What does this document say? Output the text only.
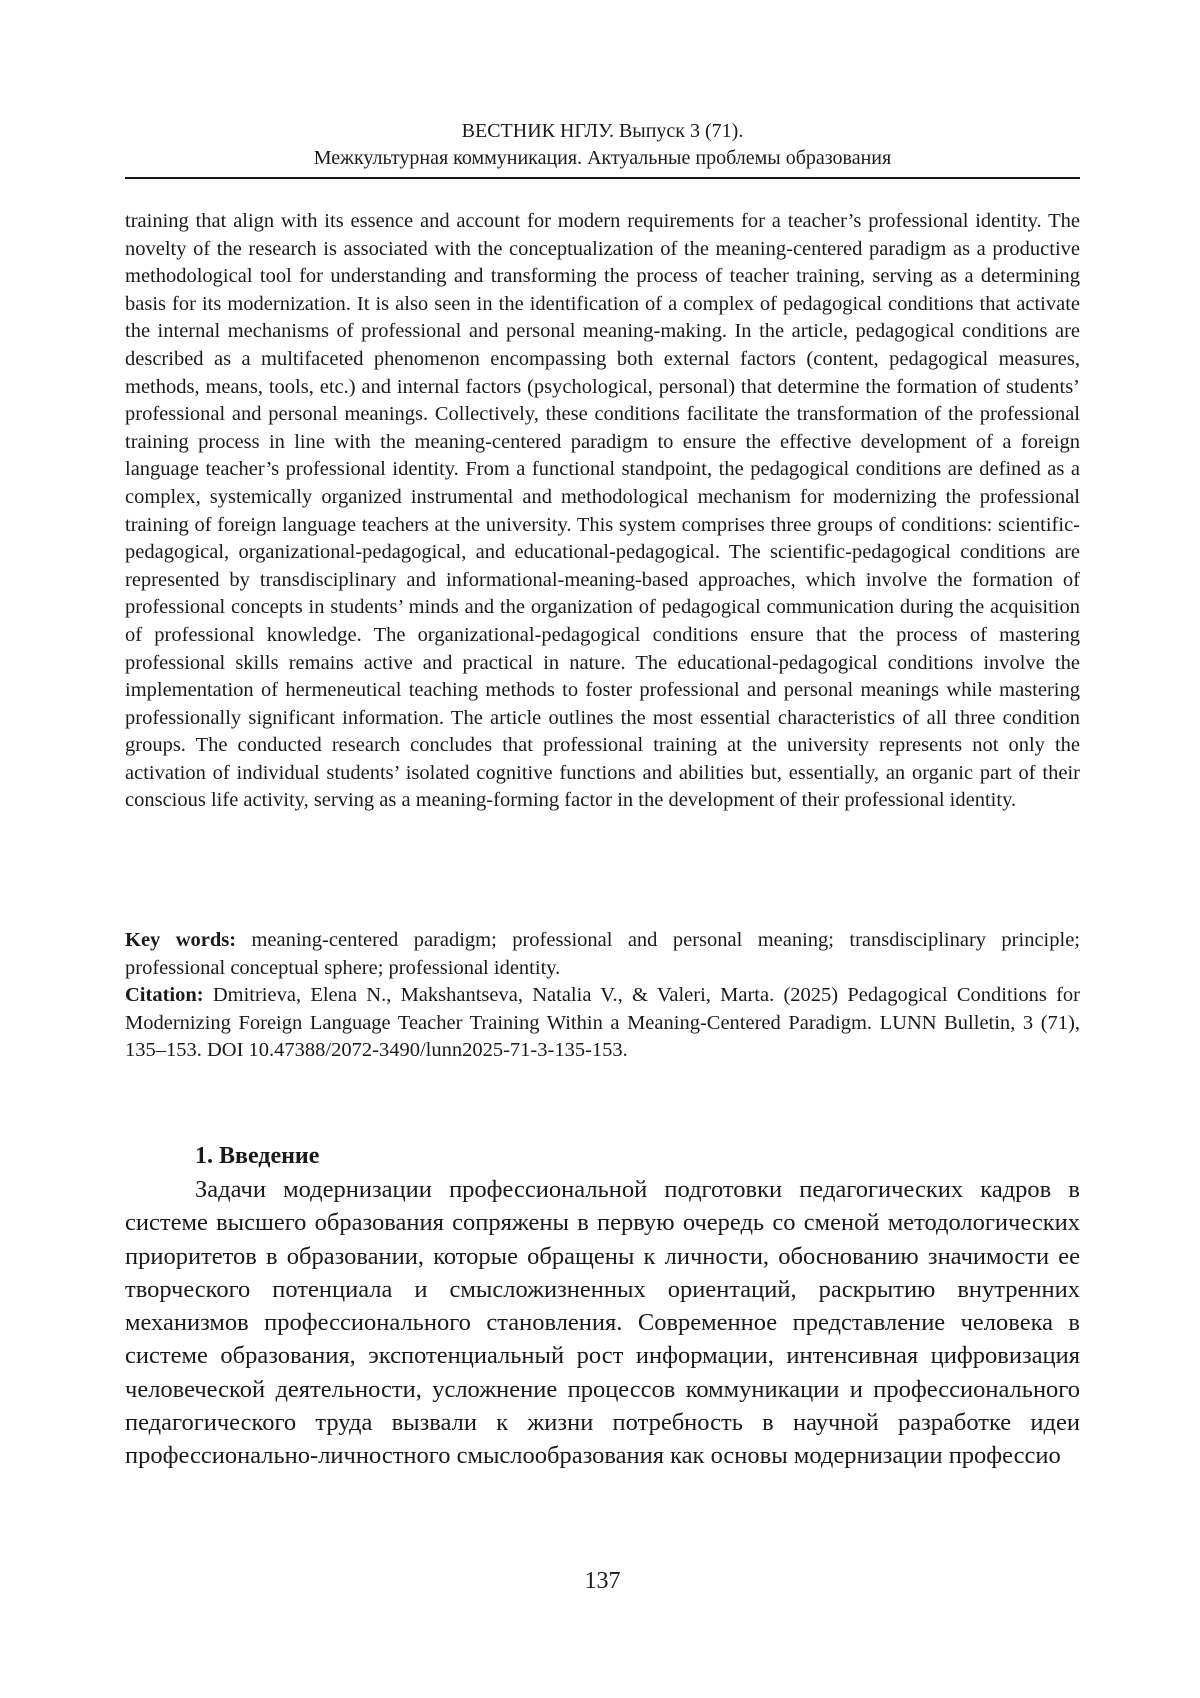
ВЕСТНИК НГЛУ. Выпуск 3 (71).
Межкультурная коммуникация. Актуальные проблемы образования

training that align with its essence and account for modern requirements for a teacher’s professional identity. The novelty of the research is associated with the conceptualization of the meaning-centered paradigm as a productive methodological tool for understanding and transforming the process of teacher training, serving as a determining basis for its modernization. It is also seen in the identification of a complex of pedagogical conditions that activate the internal mechanisms of professional and personal meaning-making. In the article, pedagogical conditions are described as a multifaceted phenomenon encompassing both external factors (content, pedagogical measures, methods, means, tools, etc.) and internal factors (psychological, personal) that determine the formation of students’ professional and personal meanings. Collectively, these conditions facilitate the transformation of the professional training process in line with the meaning-centered paradigm to ensure the effective development of a foreign language teacher’s professional identity. From a functional standpoint, the pedagogical conditions are defined as a complex, systemically organized instrumental and methodological mechanism for modernizing the professional training of foreign language teachers at the university. This system comprises three groups of conditions: scientific-pedagogical, organizational-pedagogical, and educational-pedagogical. The scientific-pedagogical conditions are represented by transdisciplinary and informational-meaning-based approaches, which involve the formation of professional concepts in students’ minds and the organization of pedagogical communication during the acquisition of professional knowledge. The organizational-pedagogical conditions ensure that the process of mastering professional skills remains active and practical in nature. The educational-pedagogical conditions involve the implementation of hermeneutical teaching methods to foster professional and personal meanings while mastering professionally significant information. The article outlines the most essential characteristics of all three condition groups. The conducted research concludes that professional training at the university represents not only the activation of individual students’ isolated cognitive functions and abilities but, essentially, an organic part of their conscious life activity, serving as a meaning-forming factor in the development of their professional identity.

Key words: meaning-centered paradigm; professional and personal meaning; transdisciplinary principle; professional conceptual sphere; professional identity.

Citation: Dmitrieva, Elena N., Makshantseva, Natalia V., & Valeri, Marta. (2025) Pedagogical Conditions for Modernizing Foreign Language Teacher Training Within a Meaning-Centered Paradigm. LUNN Bulletin, 3 (71), 135–153. DOI 10.47388/2072-3490/lunn2025-71-3-135-153.

1. Введение

Задачи модернизации профессиональной подготовки педагогических кадров в системе высшего образования сопряжены в первую очередь со сменой методологических приоритетов в образовании, которые обращены к личности, обоснованию значимости ее творческого потенциала и смысложизненных ориентаций, раскрытию внутренних механизмов профессионального становления. Современное представление человека в системе образования, экспотенциальный рост информации, интенсивная цифровизация человеческой деятельности, усложнение процессов коммуникации и профессионального педагогического труда вызвали к жизни потребность в научной разработке идеи профессионально-личностного смыслообразования как основы модернизации профессио

137
